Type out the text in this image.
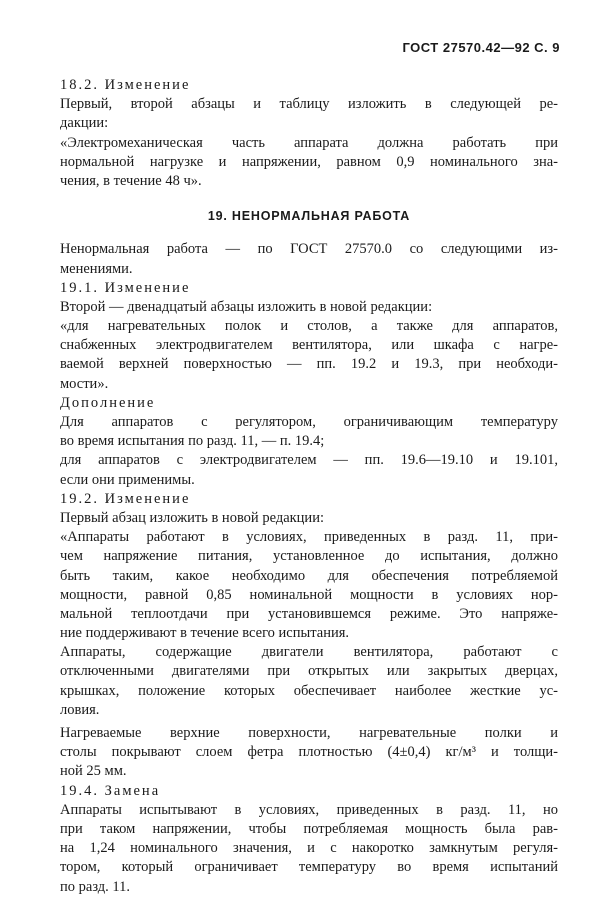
ГОСТ 27570.42—92 С. 9
18.2. Изменение
Первый, второй абзацы и таблицу изложить в следующей ре-
дакции:
«Электромеханическая часть аппарата должна работать при
нормальной нагрузке и напряжении, равном 0,9 номинального зна-
чения, в течение 48 ч».
19. НЕНОРМАЛЬНАЯ РАБОТА
Ненормальная работа — по ГОСТ 27570.0 со следующими из-
менениями.
19.1. Изменение
Второй — двенадцатый абзацы изложить в новой редакции:
«для нагревательных полок и столов, а также для аппаратов,
снабженных электродвигателем вентилятора, или шкафа с нагре-
ваемой верхней поверхностью — пп. 19.2 и 19.3, при необходи-
мости».
Дополнение
Для аппаратов с регулятором, ограничивающим температуру
во время испытания по разд. 11, — п. 19.4;
для аппаратов с электродвигателем — пп. 19.6—19.10 и 19.101,
если они применимы.
19.2. Изменение
Первый абзац изложить в новой редакции:
«Аппараты работают в условиях, приведенных в разд. 11, при-
чем напряжение питания, установленное до испытания, должно
быть таким, какое необходимо для обеспечения потребляемой
мощности, равной 0,85 номинальной мощности в условиях нор-
мальной теплоотдачи при установившемся режиме. Это напряже-
ние поддерживают в течение всего испытания.
Аппараты, содержащие двигатели вентилятора, работают с
отключенными двигателями при открытых или закрытых дверцах,
крышках, положение которых обеспечивает наиболее жесткие ус-
ловия.
Нагреваемые верхние поверхности, нагревательные полки и
столы покрывают слоем фетра плотностью (4±0,4) кг/м³ и толщи-
ной 25 мм.
19.4. Замена
Аппараты испытывают в условиях, приведенных в разд. 11, но
при таком напряжении, чтобы потребляемая мощность была рав-
на 1,24 номинального значения, и с накоротко замкнутым регуля-
тором, который ограничивает температуру во время испытаний
по разд. 11.
